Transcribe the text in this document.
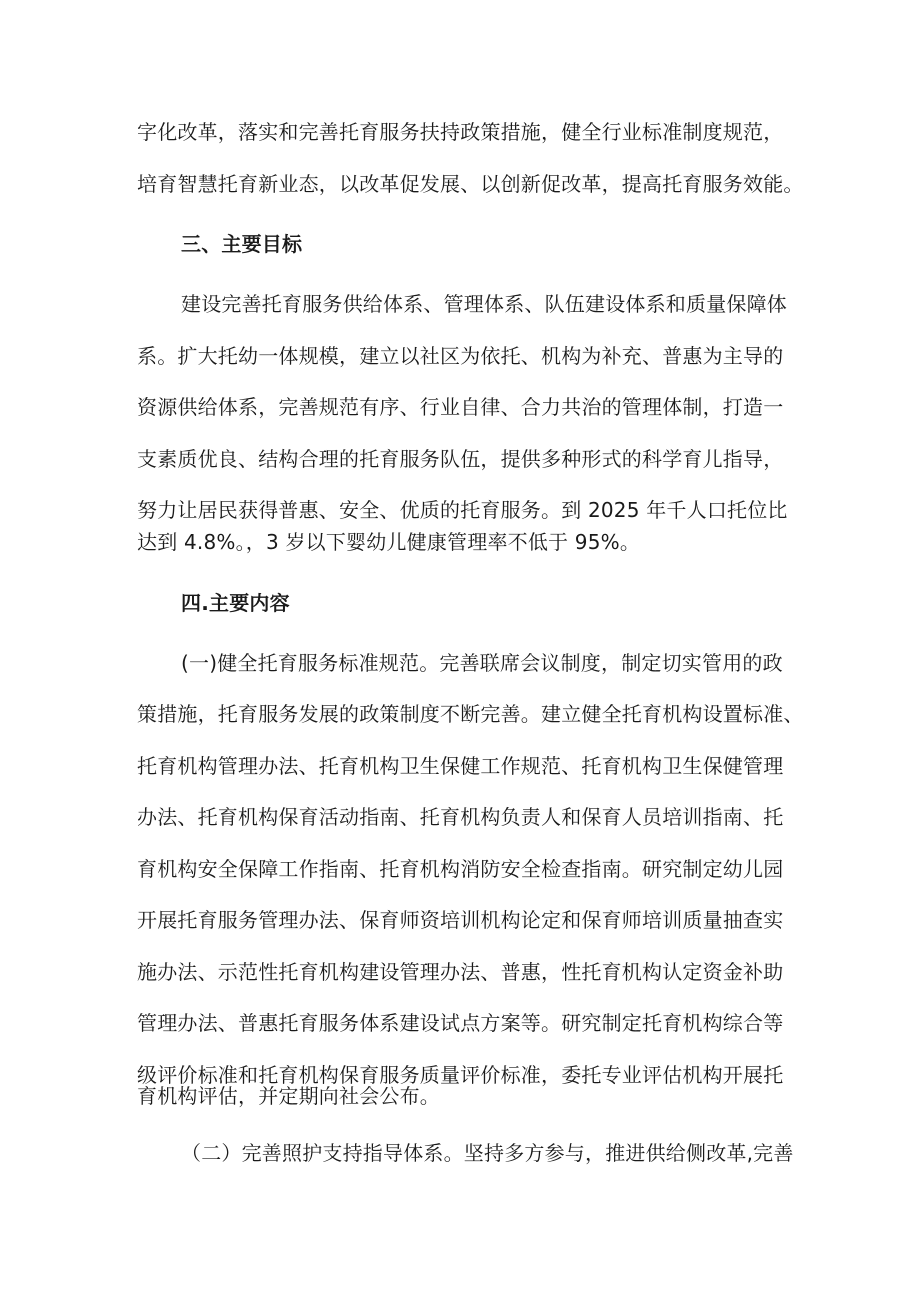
字化改革，落实和完善托育服务扶持政策措施，健全行业标准制度规范，
培育智慧托育新业态，以改革促发展、以创新促改革，提高托育服务效能。
三、主要目标
建设完善托育服务供给体系、管理体系、队伍建设体系和质量保障体
系。扩大托幼一体规模，建立以社区为依托、机构为补充、普惠为主导的
资源供给体系，完善规范有序、行业自律、合力共治的管理体制，打造一
支素质优良、结构合理的托育服务队伍，提供多种形式的科学育儿指导，
努力让居民获得普惠、安全、优质的托育服务。到 2025 年千人口托位比
达到 4.8%。，3 岁以下婴幼儿健康管理率不低于 95%。
四.主要内容
(一)健全托育服务标准规范。完善联席会议制度，制定切实管用的政
策措施，托育服务发展的政策制度不断完善。建立健全托育机构设置标准、
托育机构管理办法、托育机构卫生保健工作规范、托育机构卫生保健管理
办法、托育机构保育活动指南、托育机构负责人和保育人员培训指南、托
育机构安全保障工作指南、托育机构消防安全检查指南。研究制定幼儿园
开展托育服务管理办法、保育师资培训机构论定和保育师培训质量抽查实
施办法、示范性托育机构建设管理办法、普惠，性托育机构认定资金补助
管理办法、普惠托育服务体系建设试点方案等。研究制定托育机构综合等
级评价标准和托育机构保育服务质量评价标准，委托专业评估机构开展托
育机构评估，并定期向社会公布。
（二）完善照护支持指导体系。坚持多方参与，推进供给侧改革,完善
